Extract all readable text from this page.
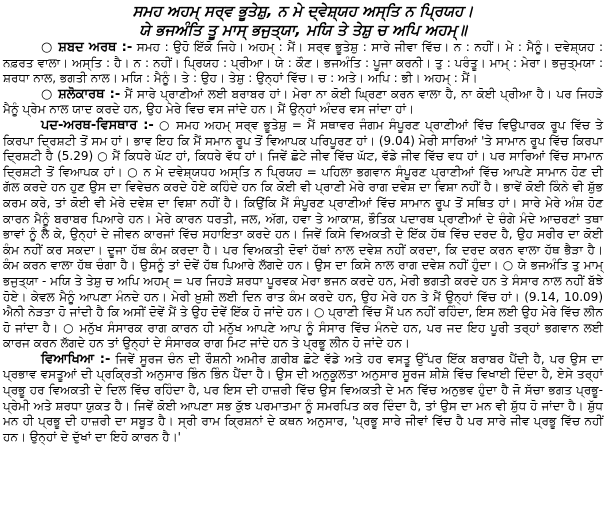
ਸਮਹ ਅਹਮ੍ ਸਰ੍ਵ ਭੂਤੇਸ਼ੁ, ਨ ਮੇ ਦ੍ਵੇਸ਼੍ਯਹ ਅਸ੍ਤਿ ਨ ਪ੍ਰਿਯਹ।
ਯੇ ਭਜਅੰਤਿ ਤੂ ਮਾਸ੍ ਭਜੁਤ੍ਯਾ, ਮਯਿ ਤੇ ਤੇਸ਼ੁ ਚ ਅਪਿ ਅਹਮ੍॥

○ ਸ਼ਬਦ ਅਰਥ :- ਸਮਹ : ਉਹੋ ਇੱਕੋ ਜਿਹੇ। ਅਹਮ੍ : ਮੈਂ। ਸਰ੍ਵ ਭੂਤੇਸ਼ੁ : ਸਾਰੇ ਜੀਵਾ ਵਿੱਚ। ਨ : ਨਹੀਂ। ਮੇ : ਮੈਨੂੰ। ਦਵੇਸ਼੍ਯਹ : ਨਫ਼ਰਤ ਵਾਲਾ। ਅਸ੍ਤਿ : ਹੈ। ਨ : ਨਹੀਂ। ਪ੍ਰਿਯਹ : ਪ੍ਰੀਆ। ਯੇ : ਕੌਣ। ਭਜਅੰਤਿ : ਪੂਜਾ ਕਰਨੀ। ਤੁ : ਪਰੰਤੂ। ਮਾਮ੍ : ਮੇਰਾ। ਭਜੁਤ੍ਮਯਾ : ਸ਼ਰਧਾ ਨਾਲ, ਭਗਤੀ ਨਾਲ। ਮਯਿ : ਮੈਨੂੰ। ਤੇ : ਉਹ। ਤੇਸ਼ੁ : ਉਨ੍ਹਾਂ ਵਿੱਚ। ਚ : ਅਤੇ। ਅਪਿ : ਭੀ। ਅਹਮ੍ : ਮੈਂ।

○ ਸ਼ਲੋਕਾਰਥ :- ਮੈਂ ਸਾਰੇ ਪ੍ਰਾਣੀਆਂ ਲਈ ਬਰਾਬਰ ਹਾਂ। ਮੇਰਾ ਨਾ ਕੋਈ ਘ੍ਰਿਣਾ ਕਰਨ ਵਾਲਾ ਹੈ, ਨਾ ਕੋਈ ਪ੍ਰੀਆ ਹੈ। ਪਰ ਜਿਹੜੇ ਮੈਨੂੰ ਪ੍ਰੇਮ ਨਾਲ ਯਾਦ ਕਰਦੇ ਹਨ, ਉਹ ਮੇਰੇ ਵਿਚ ਵਸ ਜਾਂਦੇ ਹਨ। ਮੈਂ ਉਨ੍ਹਾਂ ਅੰਦਰ ਵਸ ਜਾਂਦਾ ਹਾਂ।

ਪਦ-ਅਰਥ-ਵਿਸਥਾਰ :- ○ ਸਮਹ ਅਹਮ੍ ਸਰ੍ਵ ਭੂਤੇਸ਼ੁ = ਮੈਂ ਸਥਾਵਰ ਜੰਗਮ ਸੰਪੂਰਣ ਪ੍ਰਾਣੀਆਂ ਵਿੱਚ ਵਿਉਪਾਰਕ ਰੂਪ ਵਿੱਚ ਤੇ ਕਿਰਪਾ ਦ੍ਰਿਸ਼ਟੀ ਤੋਂ ਸਮ ਹਾਂ। ਭਾਵ ਇਹ ਕਿ ਮੈਂ ਸਮਾਨ ਰੂਪ ਤੋਂ ਵਿਆਪਕ ਪਰਿਪੂਰਣ ਹਾਂ। (9.04) ਮੇਰੀ ਸਾਰਿਆਂ 'ਤੇ ਸਾਮਾਨ ਰੂਪ ਵਿੱਚ ਕਿਰਪਾ ਦ੍ਰਿਸ਼ਟੀ ਹੈ (5.29) ○ ਮੈਂ ਕਿਧਰੇ ਘੱਟ ਹਾਂ, ਕਿਧਰੇ ਵੱਧ ਹਾਂ। ਜਿਵੇਂ ਛੋਟੇ ਜੀਵ ਵਿੱਚ ਘੱਟ, ਵੱਡੇ ਜੀਵ ਵਿੱਚ ਵਧ ਹਾਂ। ਪਰ ਸਾਰਿਆਂ ਵਿੱਚ ਸਾਮਾਨ ਦ੍ਰਿਸ਼ਟੀ ਤੋਂ ਵਿਆਪਕ ਹਾਂ। ○ ਨ ਮੇ ਦਵੇਸ਼੍ਯਧਹ ਅਸ੍ਤਿ ਨ ਪ੍ਰਿਯਹ = ਪਹਿਲਾ ਭਗਵਾਨ ਸੰਪੂਰਣ ਪ੍ਰਾਣੀਆਂ ਵਿੱਚ ਆਪਣੇ ਸਾਮਾਨ ਹੋਣ ਦੀ ਗੱਲ ਕਰਦੇ ਹਨ ਹੁਣ ਉਸ ਦਾ ਵਿਵੇਚਨ ਕਰਦੇ ਹੋਏ ਕਹਿੰਦੇ ਹਨ ਕਿ ਕੋਈ ਵੀ ਪ੍ਰਾਣੀ ਮੇਰੇ ਰਾਗ ਦਵੇਸ਼ ਦਾ ਵਿਸ਼ਾ ਨਹੀਂ ਹੈ। ਭਾਵੇਂ ਕੋਈ ਕਿੰਨੇ ਵੀ ਸ਼ੁੱਭ ਕਰਮ ਕਰੇ, ਤਾਂ ਕੋਈ ਵੀ ਮੇਰੇ ਦਵੇਸ਼ ਦਾ ਵਿਸ਼ਾ ਨਹੀਂ ਹੈ। ਕਿਉਂਕਿ ਮੈਂ ਸੰਪੂਰਣ ਪ੍ਰਾਣੀਆਂ ਵਿੱਚ ਸਾਮਾਨ ਰੂਪ ਤੋਂ ਸਥਿਤ ਹਾਂ। ਸਾਰੇ ਮੇਰੇ ਅੰਸ਼ ਹੋਣ ਕਾਰਨ ਮੈਨੂੰ ਬਰਾਬਰ ਪਿਆਰੇ ਹਨ। ਮੇਰੇ ਕਾਰਨ ਧਰਤੀ, ਜਲ, ਅੱਗ, ਹਵਾ ਤੇ ਆਕਾਸ਼, ਭੌਤਿਕ ਪਦਾਰਥ ਪ੍ਰਾਣੀਆਂ ਦੇ ਚੰਗੇ ਮੰਦੇ ਆਚਰਣਾਂ ਤਥਾ ਭਾਵਾਂ ਨੂੰ ਲੈ ਕੇ, ਉਨ੍ਹਾਂ ਦੇ ਜੀਵਨ ਕਾਰਜਾਂ ਵਿੱਚ ਸਹਾਇਤਾ ਕਰਦੇ ਹਨ। ਜਿਵੇਂ ਕਿਸੇ ਵਿਅਕਤੀ ਦੇ ਇੱਕ ਹੱਥ ਵਿੱਚ ਦਰਦ ਹੈ, ਉਹ ਸਰੀਰ ਦਾ ਕੋਈ ਕੰਮ ਨਹੀਂ ਕਰ ਸਕਦਾ। ਦੂਜਾ ਹੱਥ ਕੰਮ ਕਰਦਾ ਹੈ। ਪਰ ਵਿਅਕਤੀ ਦੋਵਾਂ ਹੱਥਾਂ ਨਾਲ ਦਵੇਸ਼ ਨਹੀਂ ਕਰਦਾ, ਕਿ ਦਰਦ ਕਰਨ ਵਾਲਾ ਹੱਥ ਭੈੜਾ ਹੈ। ਕੰਮ ਕਰਨ ਵਾਲਾ ਹੱਥ ਚੰਗਾ ਹੈ। ਉਸਨੂੰ ਤਾਂ ਦੋਵੇਂ ਹੱਥ ਪਿਆਰੇ ਲੱਗਦੇ ਹਨ। ਉਸ ਦਾ ਕਿਸੇ ਨਾਲ ਰਾਗ ਦਵੇਸ਼ ਨਹੀਂ ਹੁੰਦਾ। ○ ਯੇ ਭਜਅੰਤਿ ਤੁ ਮਾਮ੍ ਭਜੁਤ੍ਯਾ - ਮਯਿ ਤੇ ਤੇਸ਼ੁ ਚ ਅਪਿ ਅਹਮ੍ = ਪਰ ਜਿਹੜੇ ਸ਼ਰਧਾ ਪੂਰਵਕ ਮੇਰਾ ਭਜਨ ਕਰਦੇ ਹਨ, ਮੇਰੀ ਭਗਤੀ ਕਰਦੇ ਹਨ ਤੇ ਸੰਸਾਰ ਨਾਲ ਨਹੀਂ ਬੱਝੇ ਹੋਏ। ਕੇਵਲ ਮੈਨੂੰ ਆਪਣਾ ਮੰਨਦੇ ਹਨ। ਮੇਰੀ ਖ਼ੁਸ਼ੀ ਲਈ ਦਿਨ ਰਾਤ ਕੰਮ ਕਰਦੇ ਹਨ, ਉਹ ਮੇਰੇ ਹਨ ਤੇ ਮੈਂ ਉਨ੍ਹਾਂ ਵਿੱਚ ਹਾਂ। (9.14, 10.09) ਐਨੀ ਨੇੜਤਾ ਹੋ ਜਾਂਦੀ ਹੈ ਕਿ ਅਸੀਂ ਦੋਵੇਂ ਮੈਂ ਤੇ ਉਹ ਦੋਵੇਂ ਇੱਕ ਹੋ ਜਾਂਦੇ ਹਨ। ○ ਪ੍ਰਾਣੀ ਵਿੱਚ ਮੈਂ ਪਨ ਨਹੀਂ ਰਹਿੰਦਾ, ਇਸ ਲਈ ਉਹ ਮੇਰੇ ਵਿੱਚ ਲੀਨ ਹੋ ਜਾਂਦਾ ਹੈ। ○ ਮਨੁੱਖ ਸੰਸਾਰਕ ਰਾਗ ਕਾਰਨ ਹੀ ਮਨੁੱਖ ਆਪਣੇ ਆਪ ਨੂੰ ਸੰਸਾਰ ਵਿੱਚ ਮੰਨਦੇ ਹਨ, ਪਰ ਜਦ ਇਹ ਪੂਰੀ ਤਰ੍ਹਾਂ ਭਗਵਾਨ ਲਈ ਕਾਰਜ ਕਰਨ ਲੱਗਦੇ ਹਨ ਤਾਂ ਉਨ੍ਹਾਂ ਦੇ ਸੰਸਾਰਕ ਰਾਗ ਮਿਟ ਜਾਂਦੇ ਹਨ ਤੇ ਪ੍ਰਭੂ ਲੀਨ ਹੋ ਜਾਂਦੇ ਹਨ।

ਵਿਆਖਿਆ :- ਜਿਵੇਂ ਸੂਰਜ ਚੰਨ ਦੀ ਰੌਸ਼ਨੀ ਅਮੀਰ ਗ਼ਰੀਬ ਛੋਟੇ ਵੱਡੇ ਅਤੇ ਹਰ ਵਸਤੂ ਉੱਪਰ ਇੱਕ ਬਰਾਬਰ ਪੈਂਦੀ ਹੈ, ਪਰ ਉਸ ਦਾ ਪ੍ਰਭਾਵ ਵਸਤੂਆਂ ਦੀ ਪ੍ਰਕ੍ਰਿਤੀ ਅਨੁਸਾਰ ਭਿੰਨ ਭਿੰਨ ਪੈਂਦਾ ਹੈ। ਉਸ ਦੀ ਅਨੁਕੂਲਤਾ ਅਨੁਸਾਰ ਸੂਰਜ ਸ਼ੀਸ਼ੇ ਵਿੱਚ ਵਿਖਾਈ ਦਿੰਦਾ ਹੈ, ਏਸੇ ਤਰ੍ਹਾਂ ਪ੍ਰਭੂ ਹਰ ਵਿਅਕਤੀ ਦੇ ਦਿਲ ਵਿੱਚ ਰਹਿੰਦਾ ਹੈ, ਪਰ ਇਸ ਦੀ ਹਾਜ਼ਰੀ ਵਿੱਚ ਉਸ ਵਿਅਕਤੀ ਦੇ ਮਨ ਵਿੱਚ ਅਨੁਭਵ ਹੁੰਦਾ ਹੈ ਜੋ ਸੱਚਾ ਭਗਤ ਪ੍ਰਭੂ-ਪ੍ਰੇਮੀ ਅਤੇ ਸ਼ਰਧਾ ਯੁਕਤ ਹੈ। ਜਿਵੇਂ ਕੋਈ ਆਪਣਾ ਸਭ ਕੁੱਝ ਪਰਮਾਤਮਾ ਨੂੰ ਸਮਰਪਿਤ ਕਰ ਦਿੰਦਾ ਹੈ, ਤਾਂ ਉਸ ਦਾ ਮਨ ਵੀ ਸ਼ੁੱਧ ਹੋ ਜਾਂਦਾ ਹੈ। ਸ਼ੁੱਧ ਮਨ ਹੀ ਪ੍ਰਭੂ ਦੀ ਹਾਜ਼ਰੀ ਦਾ ਸਬੂਤ ਹੈ। ਸ੍ਰੀ ਰਾਮ ਕ੍ਰਿਸ਼ਨਾਂ ਦੇ ਕਥਨ ਅਨੁਸਾਰ, 'ਪ੍ਰਭੂ ਸਾਰੇ ਜੀਵਾਂ ਵਿੱਚ ਹੈ ਪਰ ਸਾਰੇ ਜੀਵ ਪ੍ਰਭੂ ਵਿੱਚ ਨਹੀਂ ਹਨ। ਉਨ੍ਹਾਂ ਦੇ ਦੁੱਖਾਂ ਦਾ ਇਹੋ ਕਾਰਨ ਹੈ।'
